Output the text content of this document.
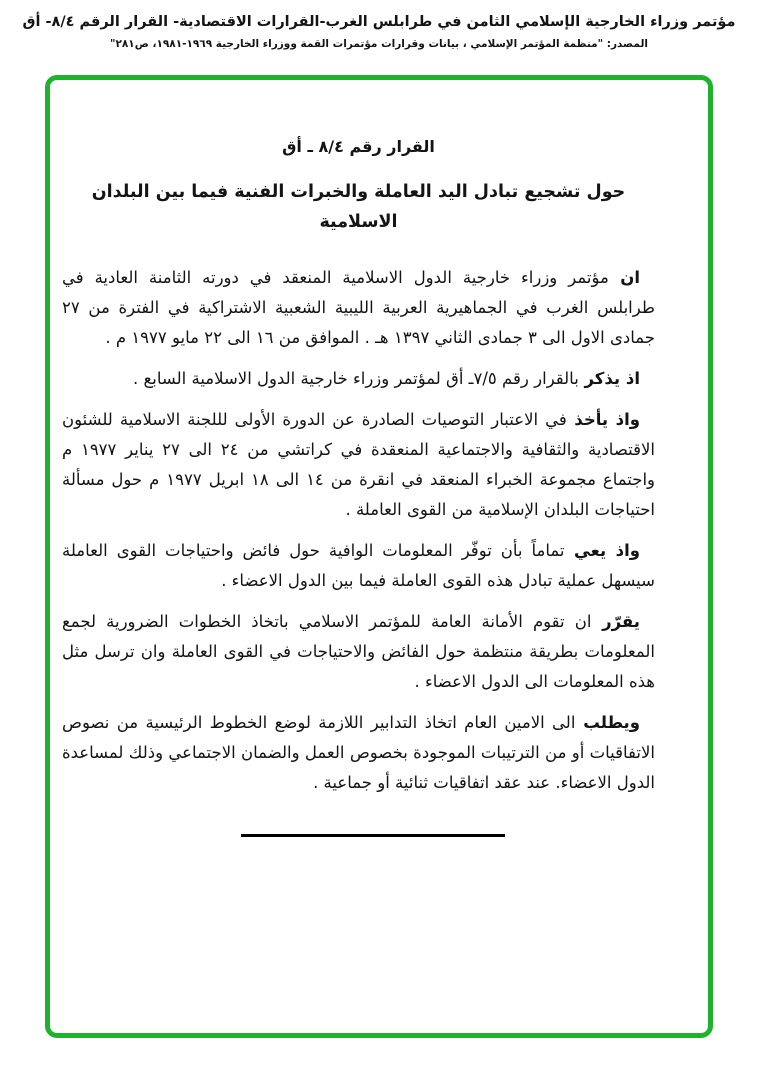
مؤتمر وزراء الخارجية الإسلامي الثامن في طرابلس الغرب-القرارات الاقتصادية- القرار الرقم ٨/٤- أق
المصدر: "منظمة المؤتمر الإسلامي ، بيانات وقرارات مؤتمرات القمة ووزراء الخارجية ١٩٦٩-١٩٨١، ص٢٨١"
القرار رقم ٨/٤ ـ أق
حول تشجيع تبادل اليد العاملة والخبرات الفنية فيما بين البلدان الاسلامية

ان مؤتمر وزراء خارجية الدول الاسلامية المنعقد في دورته الثامنة العادية في طرابلس الغرب في الجماهيرية العربية الليبية الشعبية الاشتراكية في الفترة من ٢٧ جمادى الاول الى ٣ جمادى الثاني ١٣٩٧ هـ . الموافق من ١٦ الى ٢٢ مايو ١٩٧٧ م .

اذ يذكر بالقرار رقم ٧/٥ـ أق لمؤتمر وزراء خارجية الدول الاسلامية السابع .

واذ يأخذ في الاعتبار التوصيات الصادرة عن الدورة الأولى لللجنة الاسلامية للشئون الاقتصادية والثقافية والاجتماعية المنعقدة في كراتشي من ٢٤ الى ٢٧ يناير ١٩٧٧ م واجتماع مجموعة الخبراء المنعقد في انقرة من ١٤ الى ١٨ ابريل ١٩٧٧ م حول مسألة احتياجات البلدان الإسلامية من القوى العاملة .

واذ يعي تماماً بأن توفّر المعلومات الوافية حول فائض واحتياجات القوى العاملة سيسهل عملية تبادل هذه القوى العاملة فيما بين الدول الاعضاء .

يقرّر ان تقوم الأمانة العامة للمؤتمر الاسلامي باتخاذ الخطوات الضرورية لجمع المعلومات بطريقة منتظمة حول الفائض والاحتياجات في القوى العاملة وان ترسل مثل هذه المعلومات الى الدول الاعضاء .

ويطلب الى الامين العام اتخاذ التدابير اللازمة لوضع الخطوط الرئيسية من نصوص الاتفاقيات أو من الترتيبات الموجودة بخصوص العمل والضمان الاجتماعي وذلك لمساعدة الدول الاعضاء. عند عقد اتفاقيات ثنائية أو جماعية .
